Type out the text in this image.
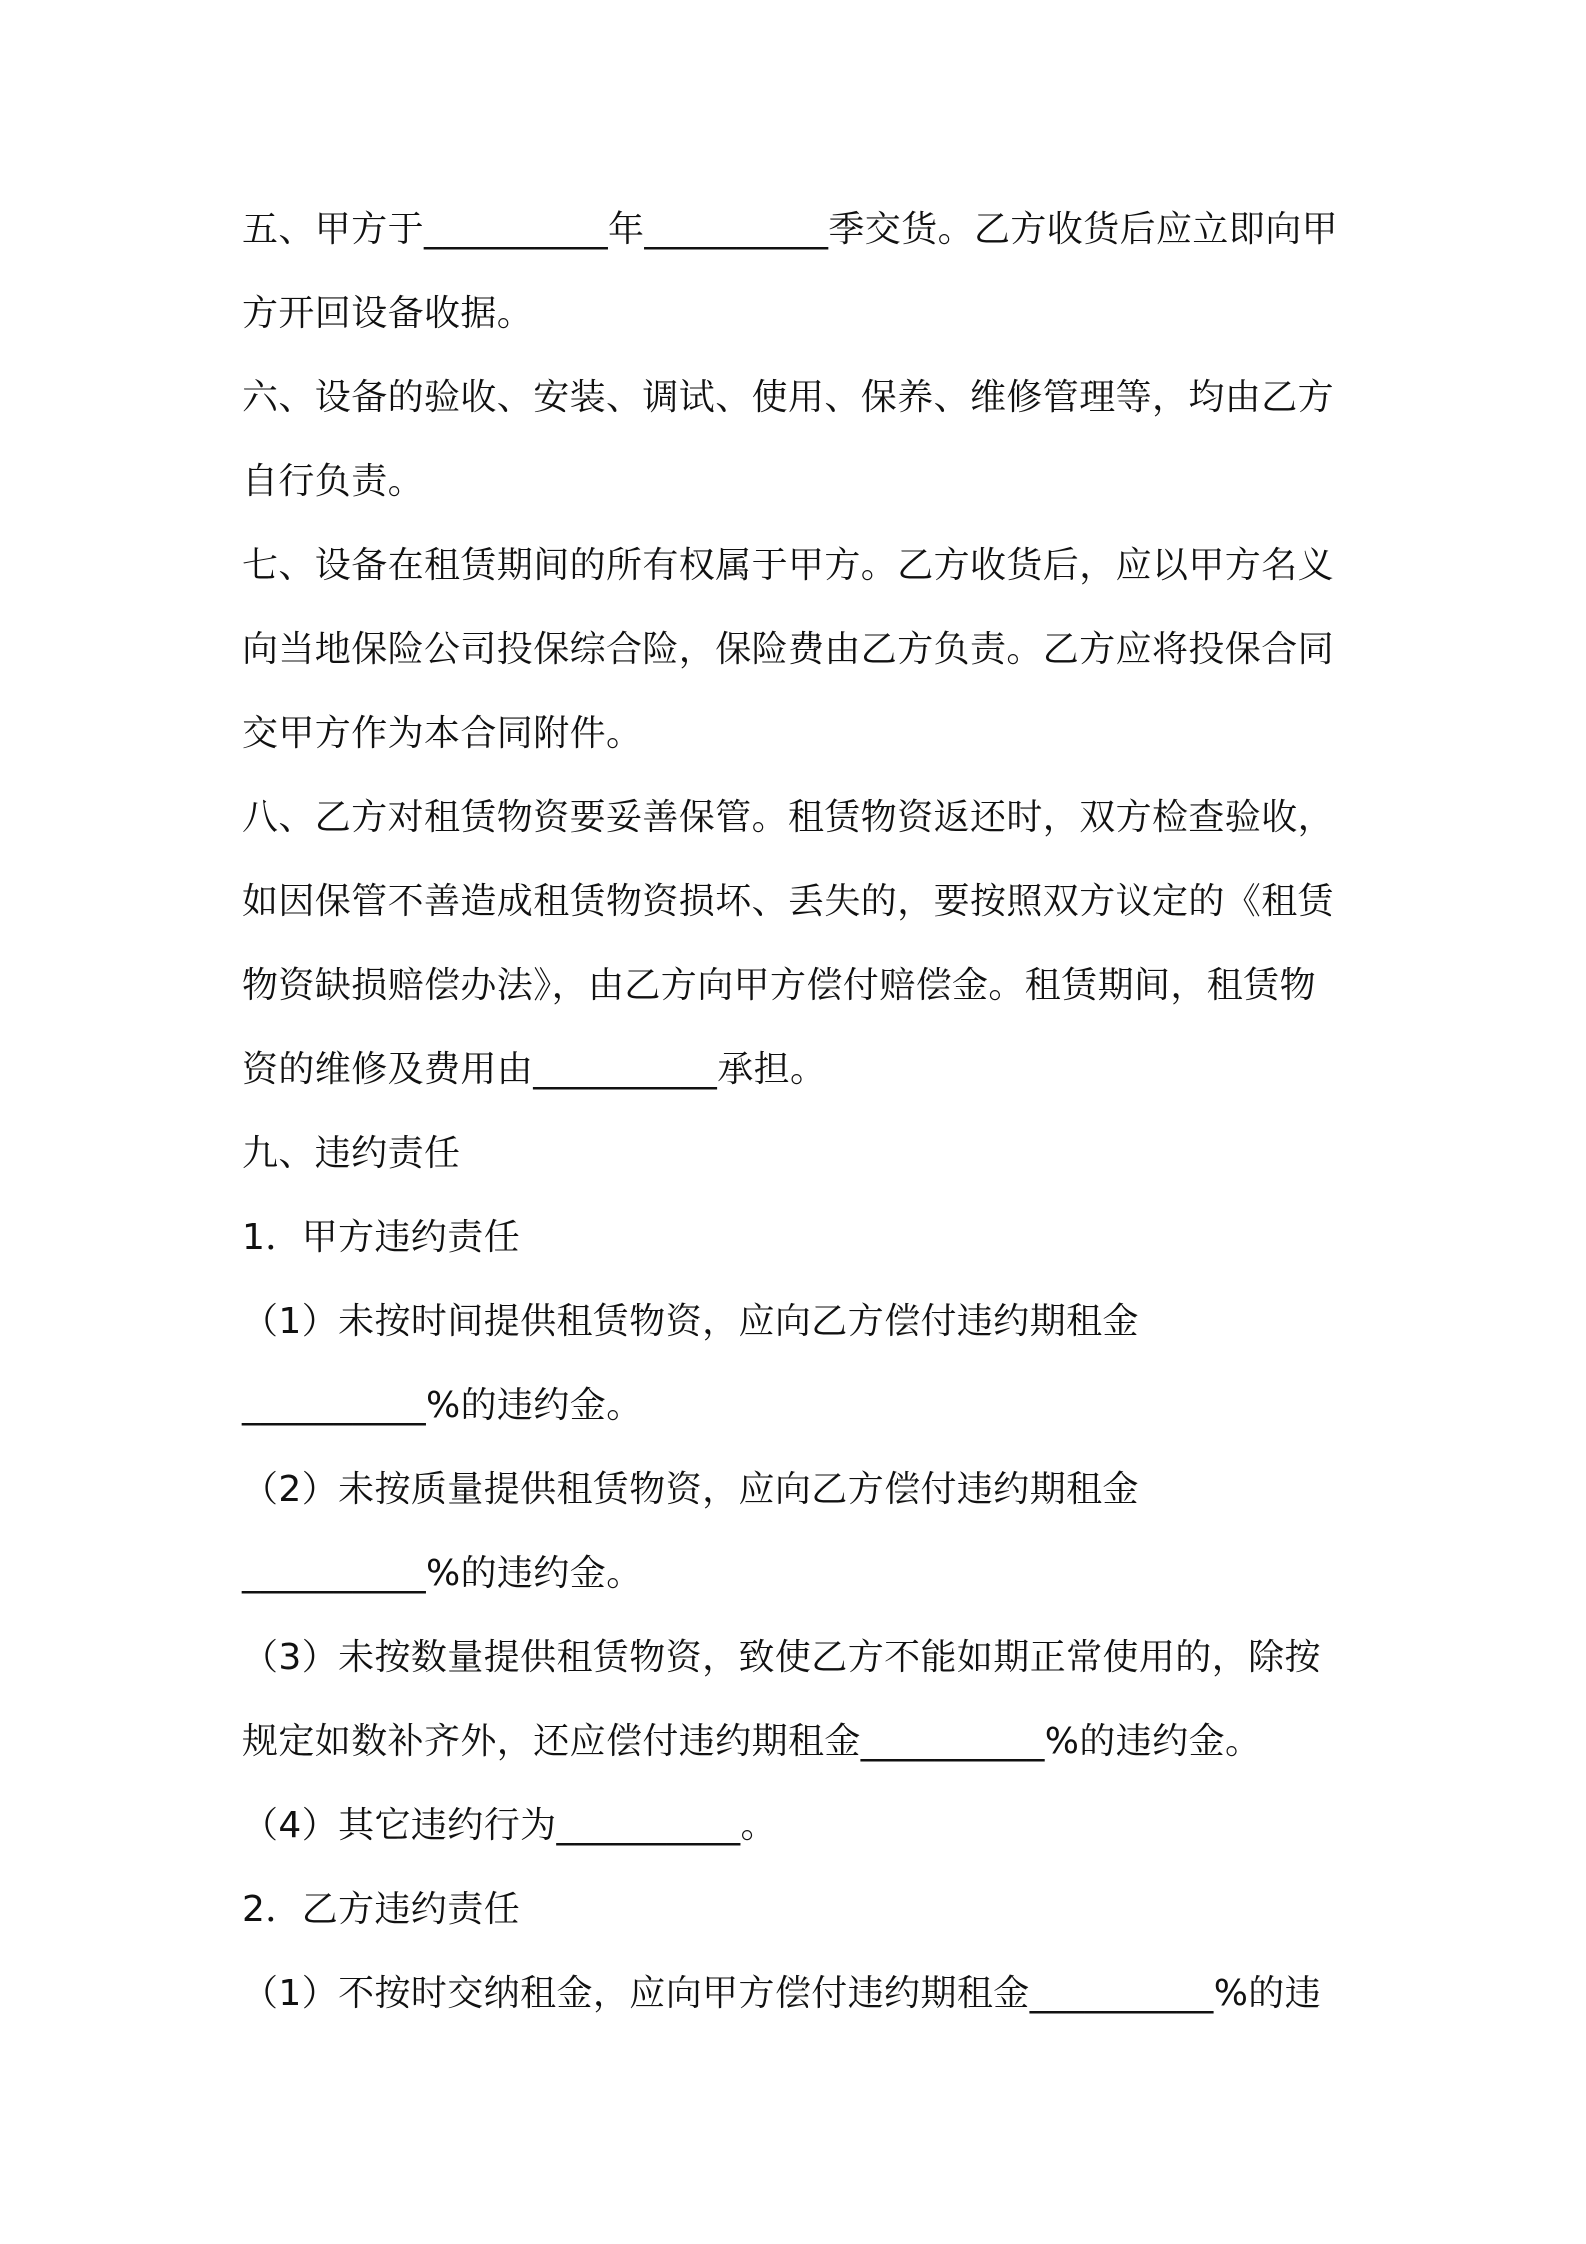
五、甲方于__________年__________季交货。乙方收货后应立即向甲
方开回设备收据。
六、设备的验收、安装、调试、使用、保养、维修管理等，均由乙方
自行负责。
七、设备在租赁期间的所有权属于甲方。乙方收货后，应以甲方名义
向当地保险公司投保综合险，保险费由乙方负责。乙方应将投保合同
交甲方作为本合同附件。
八、乙方对租赁物资要妥善保管。租赁物资返还时，双方检查验收，
如因保管不善造成租赁物资损坏、丢失的，要按照双方议定的《租赁
物资缺损赔偿办法》，由乙方向甲方偿付赔偿金。租赁期间，租赁物
资的维修及费用由__________承担。
九、违约责任
1．甲方违约责任
（1）未按时间提供租赁物资，应向乙方偿付违约期租金
__________%的违约金。
（2）未按质量提供租赁物资，应向乙方偿付违约期租金
__________%的违约金。
（3）未按数量提供租赁物资，致使乙方不能如期正常使用的，除按
规定如数补齐外，还应偿付违约期租金__________%的违约金。
（4）其它违约行为__________。
2．乙方违约责任
（1）不按时交纳租金，应向甲方偿付违约期租金__________%的违
